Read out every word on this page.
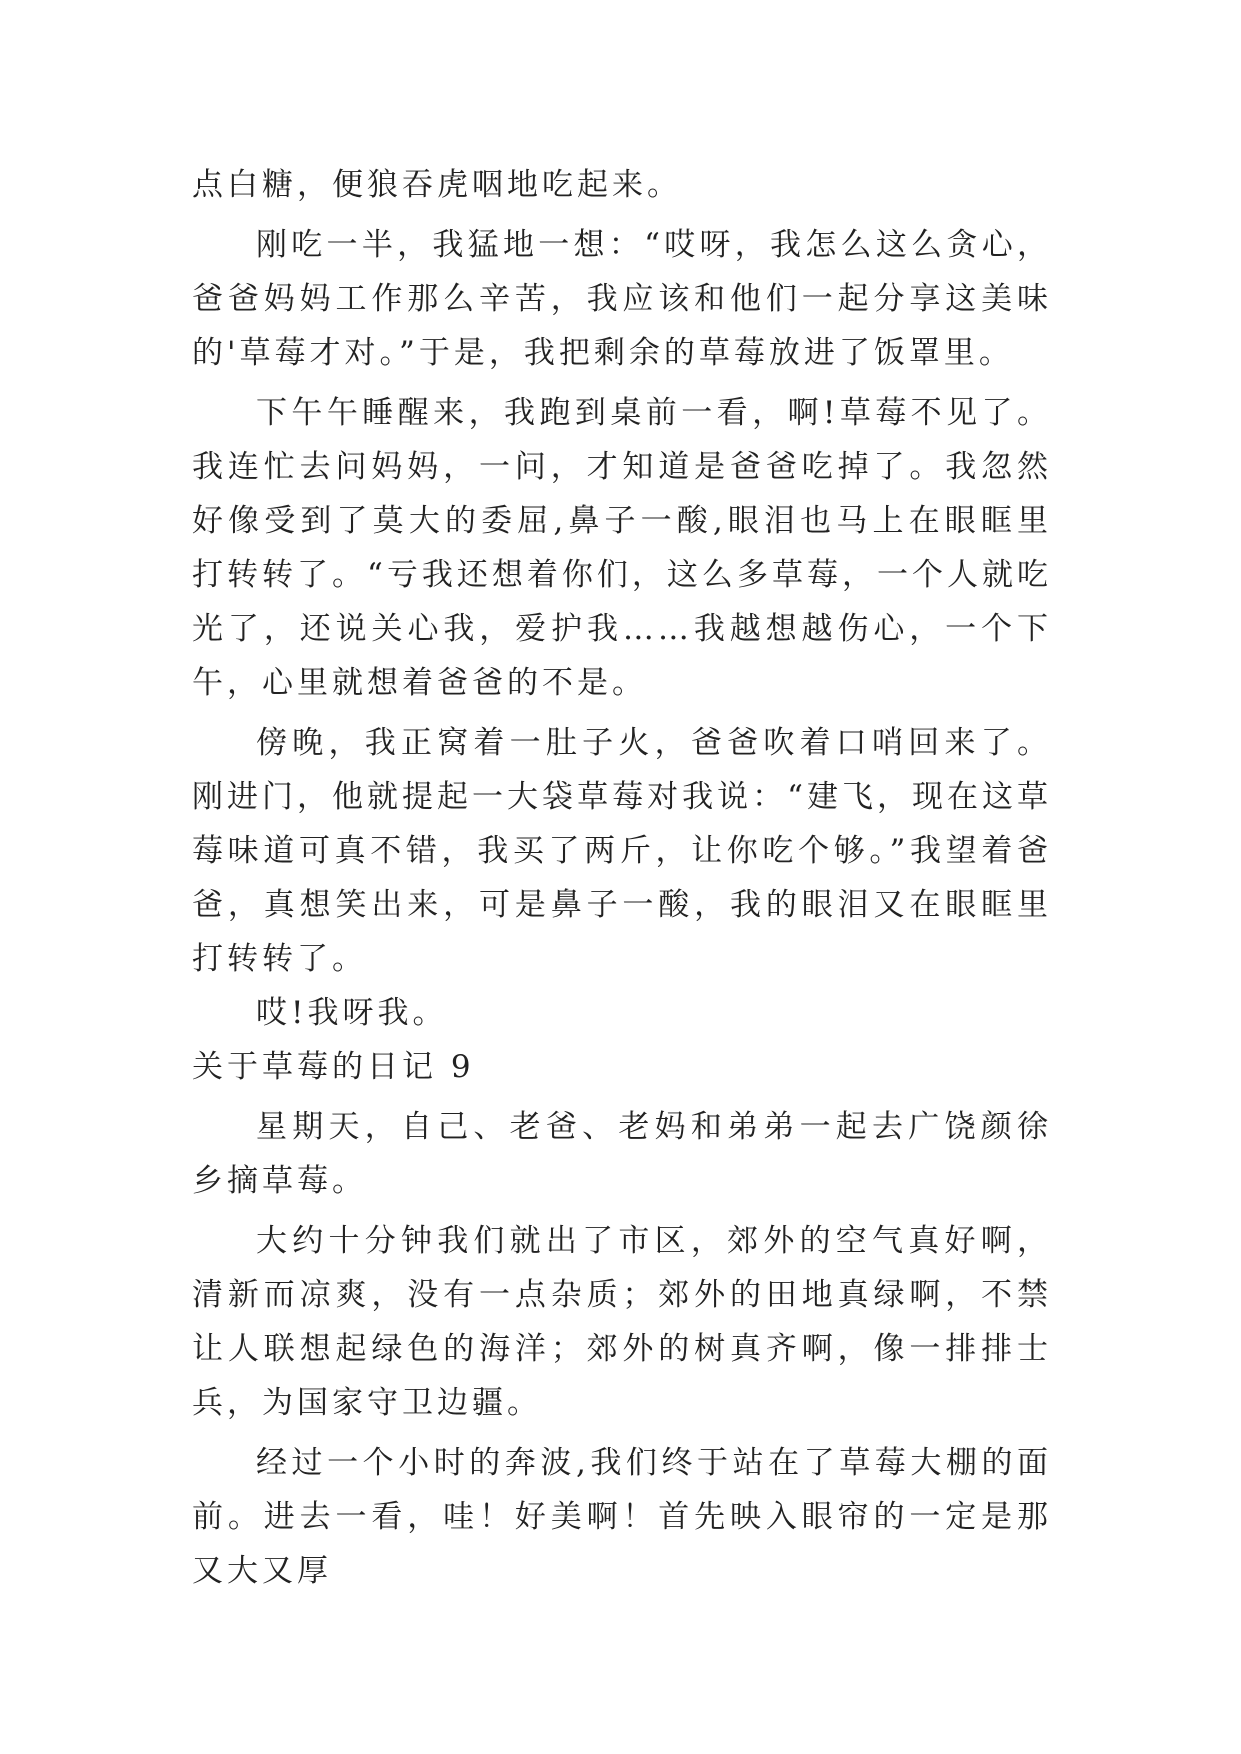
点白糖，便狼吞虎咽地吃起来。

刚吃一半，我猛地一想：“哎呀，我怎么这么贪心，爸爸妈妈工作那么辛苦，我应该和他们一起分享这美味的'草莓才对。”于是，我把剩余的草莓放进了饭罩里。

下午午睡醒来，我跑到桌前一看，啊!草莓不见了。我连忙去问妈妈，一问，才知道是爸爸吃掉了。我忽然好像受到了莫大的委屈,鼻子一酸,眼泪也马上在眼眶里打转转了。“亏我还想着你们，这么多草莓，一个人就吃光了，还说关心我，爱护我……我越想越伤心，一个下午，心里就想着爸爸的不是。

傍晚，我正窝着一肚子火，爸爸吹着口哨回来了。刚进门，他就提起一大袋草莓对我说：“建飞，现在这草莓味道可真不错，我买了两斤，让你吃个够。”我望着爸爸，真想笑出来，可是鼻子一酸，我的眼泪又在眼眶里打转转了。

哎!我呀我。

关于草莓的日记 9

星期天，自己、老爸、老妈和弟弟一起去广饶颜徐乡摘草莓。

大约十分钟我们就出了市区，郊外的空气真好啊，清新而凉爽，没有一点杂质；郊外的田地真绿啊，不禁让人联想起绿色的海洋；郊外的树真齐啊，像一排排士兵，为国家守卫边疆。

经过一个小时的奔波,我们终于站在了草莓大棚的面前。进去一看，哇！好美啊！首先映入眼帘的一定是那又大又厚
